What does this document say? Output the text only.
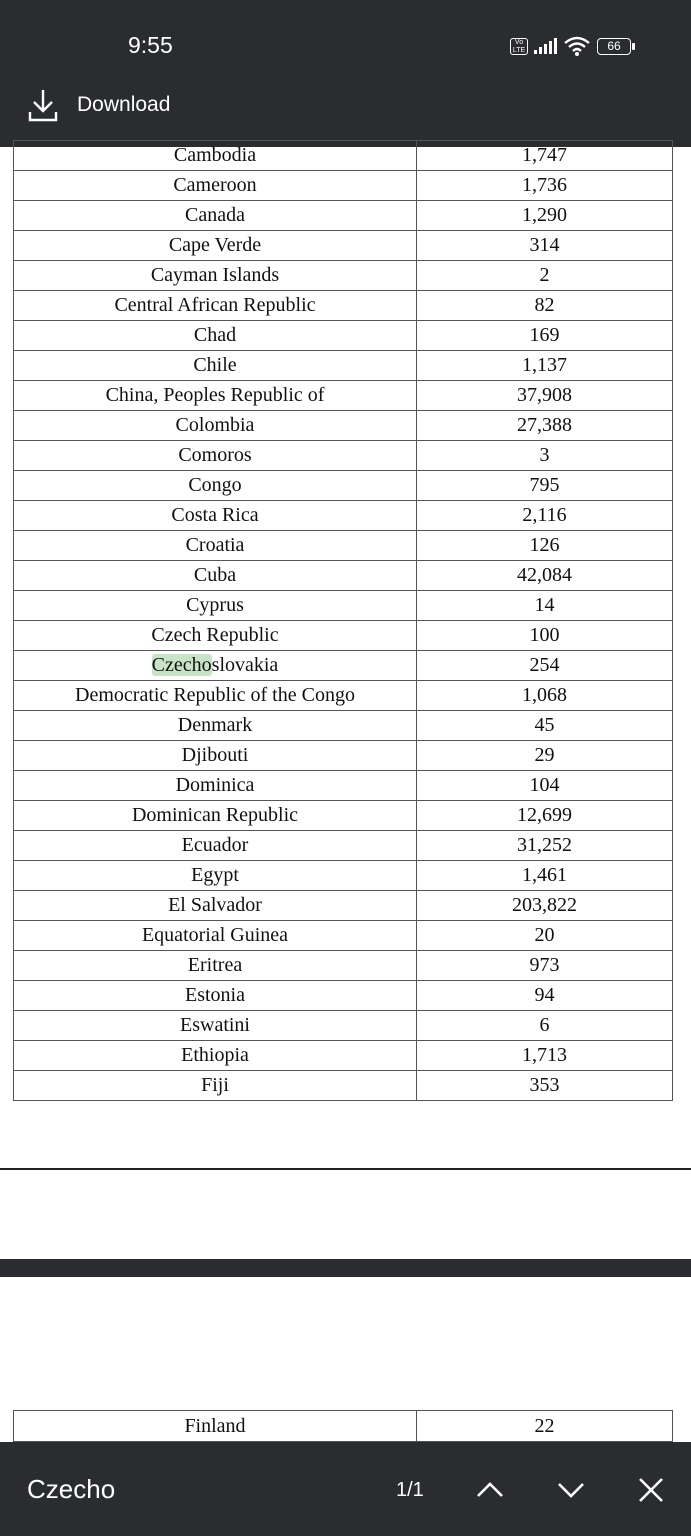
9:55	Vo LTE	66
Download
Cambodia	1,747
Cameroon	1,736
Canada	1,290
Cape Verde	314
Cayman Islands	2
Central African Republic	82
Chad	169
Chile	1,137
China, Peoples Republic of	37,908
Colombia	27,388
Comoros	3
Congo	795
Costa Rica	2,116
Croatia	126
Cuba	42,084
Cyprus	14
Czech Republic	100
Czechoslovakia	254
Democratic Republic of the Congo	1,068
Denmark	45
Djibouti	29
Dominica	104
Dominican Republic	12,699
Ecuador	31,252
Egypt	1,461
El Salvador	203,822
Equatorial Guinea	20
Eritrea	973
Estonia	94
Eswatini	6
Ethiopia	1,713
Fiji	353
Finland	22
Czecho	1/1
